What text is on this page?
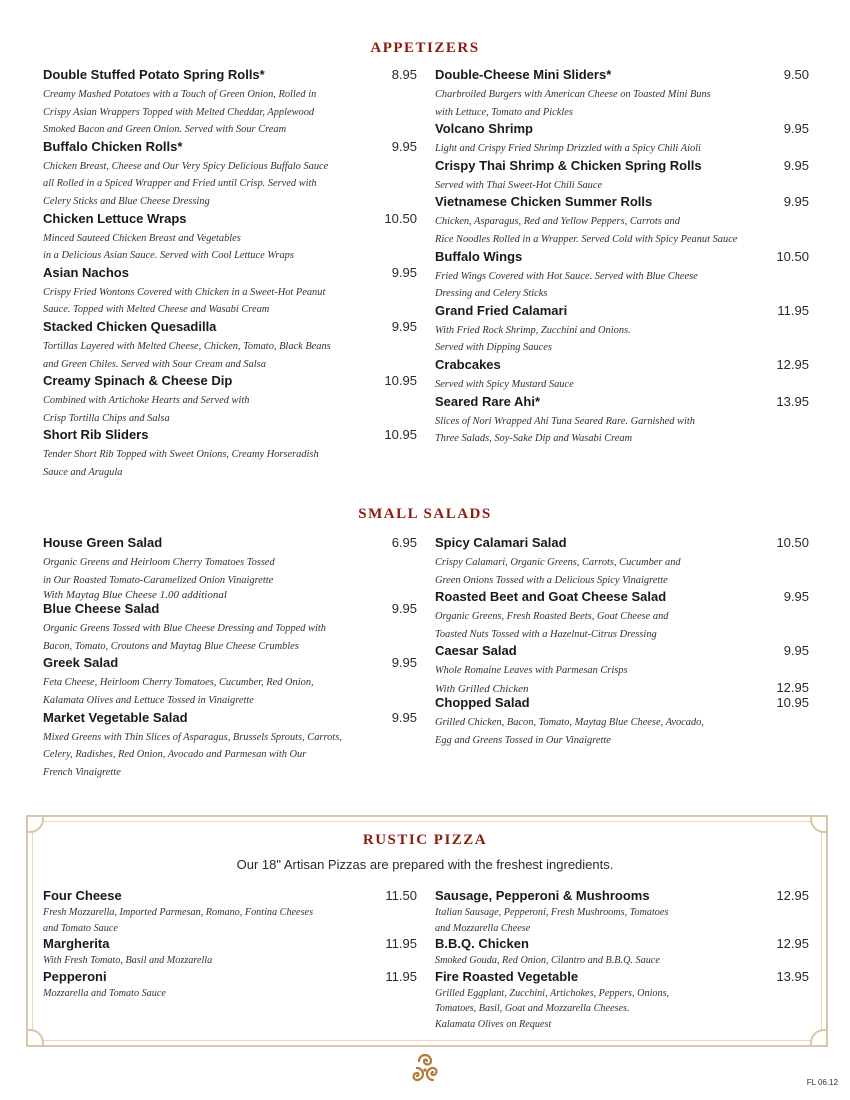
APPETIZERS
Double Stuffed Potato Spring Rolls*	8.95
Creamy Mashed Potatoes with a Touch of Green Onion, Rolled in
Crispy Asian Wrappers Topped with Melted Cheddar, Applewood
Smoked Bacon and Green Onion. Served with Sour Cream
Buffalo Chicken Rolls*	9.95
Chicken Breast, Cheese and Our Very Spicy Delicious Buffalo Sauce
all Rolled in a Spiced Wrapper and Fried until Crisp. Served with
Celery Sticks and Blue Cheese Dressing
Chicken Lettuce Wraps	10.50
Minced Sauteed Chicken Breast and Vegetables
in a Delicious Asian Sauce. Served with Cool Lettuce Wraps
Asian Nachos	9.95
Crispy Fried Wontons Covered with Chicken in a Sweet-Hot Peanut
Sauce. Topped with Melted Cheese and Wasabi Cream
Stacked Chicken Quesadilla	9.95
Tortillas Layered with Melted Cheese, Chicken, Tomato, Black Beans
and Green Chiles. Served with Sour Cream and Salsa
Creamy Spinach & Cheese Dip	10.95
Combined with Artichoke Hearts and Served with
Crisp Tortilla Chips and Salsa
Short Rib Sliders	10.95
Tender Short Rib Topped with Sweet Onions, Creamy Horseradish
Sauce and Arugula
Double-Cheese Mini Sliders*	9.50
Charbroiled Burgers with American Cheese on Toasted Mini Buns
with Lettuce, Tomato and Pickles
Volcano Shrimp	9.95
Light and Crispy Fried Shrimp Drizzled with a Spicy Chili Aioli
Crispy Thai Shrimp & Chicken Spring Rolls	9.95
Served with Thai Sweet-Hot Chili Sauce
Vietnamese Chicken Summer Rolls	9.95
Chicken, Asparagus, Red and Yellow Peppers, Carrots and
Rice Noodles Rolled in a Wrapper. Served Cold with Spicy Peanut Sauce
Buffalo Wings	10.50
Fried Wings Covered with Hot Sauce. Served with Blue Cheese
Dressing and Celery Sticks
Grand Fried Calamari	11.95
With Fried Rock Shrimp, Zucchini and Onions.
Served with Dipping Sauces
Crabcakes	12.95
Served with Spicy Mustard Sauce
Seared Rare Ahi*	13.95
Slices of Nori Wrapped Ahi Tuna Seared Rare. Garnished with
Three Salads, Soy-Sake Dip and Wasabi Cream
SMALL SALADS
House Green Salad	6.95
Organic Greens and Heirloom Cherry Tomatoes Tossed
in Our Roasted Tomato-Caramelized Onion Vinaigrette
With Maytag Blue Cheese 1.00 additional
Blue Cheese Salad	9.95
Organic Greens Tossed with Blue Cheese Dressing and Topped with
Bacon, Tomato, Croutons and Maytag Blue Cheese Crumbles
Greek Salad	9.95
Feta Cheese, Heirloom Cherry Tomatoes, Cucumber, Red Onion,
Kalamata Olives and Lettuce Tossed in Vinaigrette
Market Vegetable Salad	9.95
Mixed Greens with Thin Slices of Asparagus, Brussels Sprouts, Carrots,
Celery, Radishes, Red Onion, Avocado and Parmesan with Our
French Vinaigrette
Spicy Calamari Salad	10.50
Crispy Calamari, Organic Greens, Carrots, Cucumber and
Green Onions Tossed with a Delicious Spicy Vinaigrette
Roasted Beet and Goat Cheese Salad	9.95
Organic Greens, Fresh Roasted Beets, Goat Cheese and
Toasted Nuts Tossed with a Hazelnut-Citrus Dressing
Caesar Salad	9.95
Whole Romaine Leaves with Parmesan Crisps
With Grilled Chicken	12.95
Chopped Salad	10.95
Grilled Chicken, Bacon, Tomato, Maytag Blue Cheese, Avocado,
Egg and Greens Tossed in Our Vinaigrette
RUSTIC PIZZA
Our 18" Artisan Pizzas are prepared with the freshest ingredients.
Four Cheese	11.50
Fresh Mozzarella, Imported Parmesan, Romano, Fontina Cheeses
and Tomato Sauce
Margherita	11.95
With Fresh Tomato, Basil and Mozzarella
Pepperoni	11.95
Mozzarella and Tomato Sauce
Sausage, Pepperoni & Mushrooms	12.95
Italian Sausage, Pepperoni, Fresh Mushrooms, Tomatoes
and Mozzarella Cheese
B.B.Q. Chicken	12.95
Smoked Gouda, Red Onion, Cilantro and B.B.Q. Sauce
Fire Roasted Vegetable	13.95
Grilled Eggplant, Zucchini, Artichokes, Peppers, Onions,
Tomatoes, Basil, Goat and Mozzarella Cheeses.
Kalamata Olives on Request
FL 06.12
